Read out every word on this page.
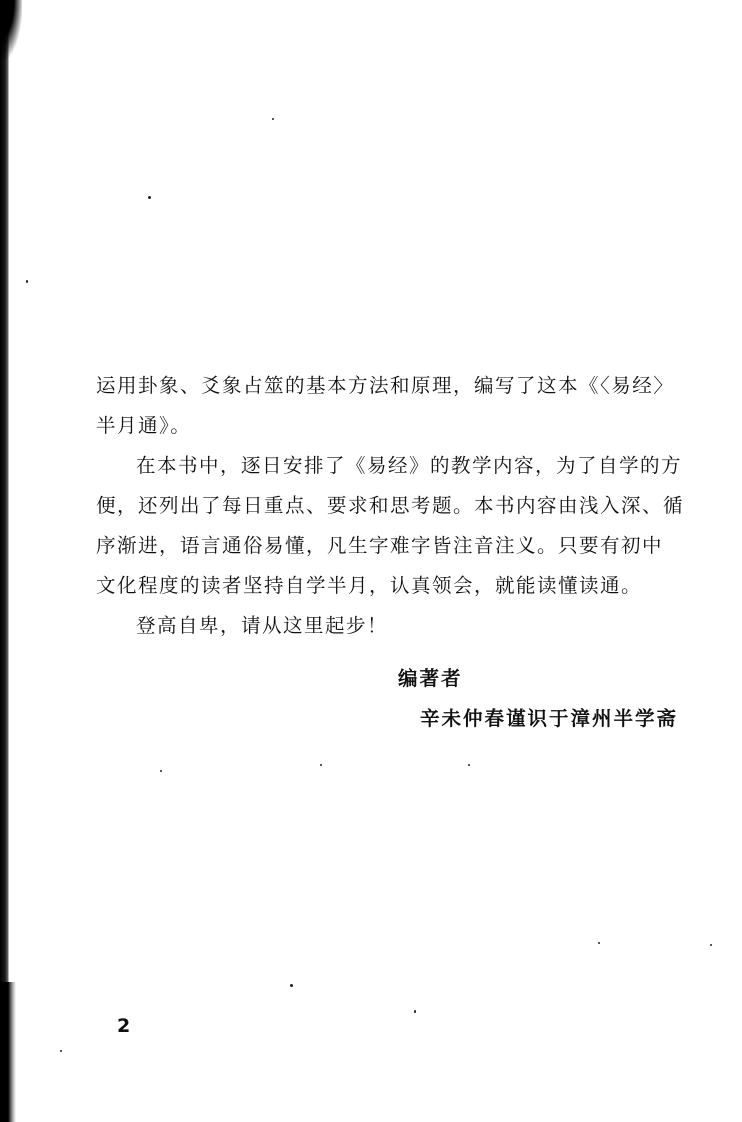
运用卦象、爻象占筮的基本方法和原理，编写了这本《〈易经〉
半月通》。
在本书中，逐日安排了《易经》的教学内容，为了自学的方
便，还列出了每日重点、要求和思考题。本书内容由浅入深、循
序渐进，语言通俗易懂，凡生字难字皆注音注义。只要有初中
文化程度的读者坚持自学半月，认真领会，就能读懂读通。
登高自卑，请从这里起步！
编著者
辛未仲春谨识于漳州半学斋
2
